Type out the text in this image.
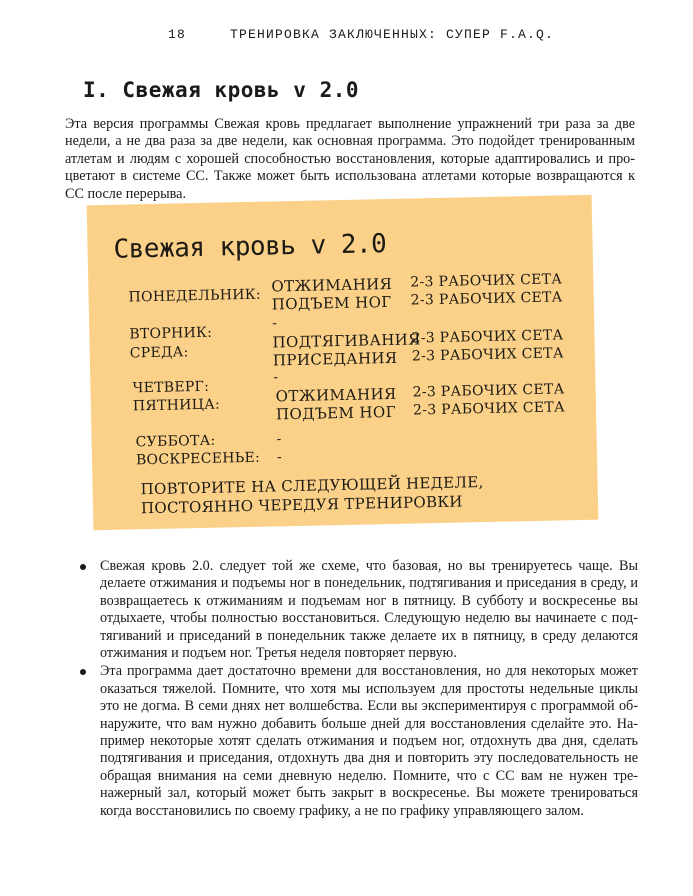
18	ТРЕНИРОВКА ЗАКЛЮЧЕННЫХ: СУПЕР F.A.Q.
I. Свежая кровь v 2.0

Эта версия программы Свежая кровь предлагает выполнение упражнений три раза за две недели, а не два раза за две недели, как основная программа. Это подойдет тренированным атлетам и людям с хорошей способностью восстановления, которые адаптировались и процветают в системе СС. Также может быть использована атлетами которые возвращаются к СС после перерыва.

Свежая кровь v 2.0
ПОНЕДЕЛЬНИК:
ОТЖИМАНИЯ
ПОДЪЕМ НОГ
2-3 РАБОЧИХ СЕТА
2-3 РАБОЧИХ СЕТА
ВТОРНИК:
-
СРЕДА:
ПОДТЯГИВАНИЯ
ПРИСЕДАНИЯ
2-3 РАБОЧИХ СЕТА
2-3 РАБОЧИХ СЕТА
ЧЕТВЕРГ:
-
ПЯТНИЦА:
ОТЖИМАНИЯ
ПОДЪЕМ НОГ
2-3 РАБОЧИХ СЕТА
2-3 РАБОЧИХ СЕТА
СУББОТА:	-
ВОСКРЕСЕНЬЕ: -
ПОВТОРИТЕ НА СЛЕДУЮЩЕЙ НЕДЕЛЕ,
ПОСТОЯННО ЧЕРЕДУЯ ТРЕНИРОВКИ
Свежая кровь 2.0. следует той же схеме, что базовая, но вы тренируетесь чаще. Вы делаете отжимания и подъемы ног в понедельник, подтягивания и приседания в среду, и возвращаетесь к отжиманиям и подъемам ног в пятницу. В субботу и воскресенье вы отдыхаете, чтобы полностью восстановиться. Следующую неделю вы начинаете с подтягиваний и приседаний в понедельник также делаете их в пятницу, в среду делаются отжимания и подъем ног. Третья неделя повторяет первую.
Эта программа дает достаточно времени для восстановления, но для некоторых может оказаться тяжелой. Помните, что хотя мы используем для простоты недельные циклы это не догма. В семи днях нет волшебства. Если вы экспериментируя с программой обнаружите, что вам нужно добавить больше дней для восстановления сделайте это. Например некоторые хотят сделать отжимания и подъем ног, отдохнуть два дня, сделать подтягивания и приседания, отдохнуть два дня и повторить эту последовательность не обращая внимания на семи дневную неделю. Помните, что с СС вам не нужен тренажерный зал, который может быть закрыт в воскресенье. Вы можете тренироваться когда восстановились по своему графику, а не по графику управляющего залом.
